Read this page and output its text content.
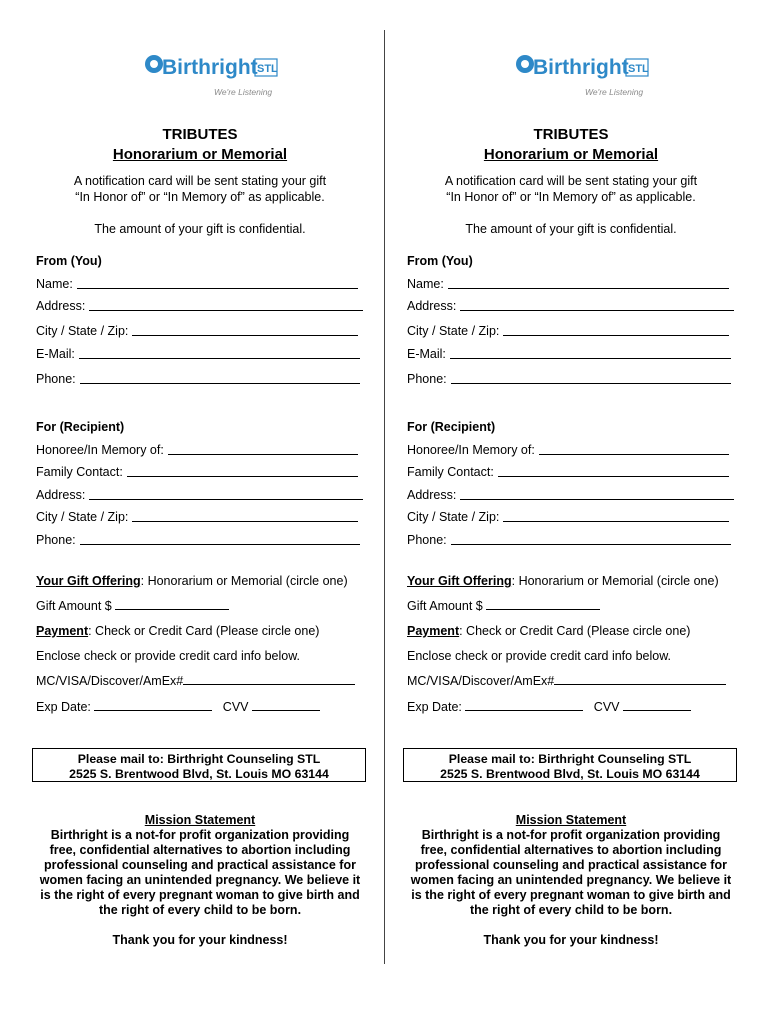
Birthright STL
We're Listening
TRIBUTES
Honorarium or Memorial
A notification card will be sent stating your gift
“In Honor of” or “In Memory of” as applicable.
The amount of your gift is confidential.
From (You)
Name:
Address:
City / State / Zip:
E-Mail:
Phone:
For (Recipient)
Honoree/In Memory of:
Family Contact:
Address:
City / State / Zip:
Phone:
Your Gift Offering: Honorarium or Memorial (circle one)
Gift Amount $
Payment: Check or Credit Card (Please circle one)
Enclose check or provide credit card info below.
MC/VISA/Discover/AmEx#
Exp Date:	CVV
Please mail to: Birthright Counseling STL
2525 S. Brentwood Blvd, St. Louis MO 63144
Mission Statement
Birthright is a not-for profit organization providing
free, confidential alternatives to abortion including
professional counseling and practical assistance for
women facing an unintended pregnancy. We believe it
is the right of every pregnant woman to give birth and
the right of every child to be born.
Thank you for your kindness!
Birthright STL
We're Listening
TRIBUTES
Honorarium or Memorial
A notification card will be sent stating your gift
“In Honor of” or “In Memory of” as applicable.
The amount of your gift is confidential.
From (You)
Name:
Address:
City / State / Zip:
E-Mail:
Phone:
For (Recipient)
Honoree/In Memory of:
Family Contact:
Address:
City / State / Zip:
Phone:
Your Gift Offering: Honorarium or Memorial (circle one)
Gift Amount $
Payment: Check or Credit Card (Please circle one)
Enclose check or provide credit card info below.
MC/VISA/Discover/AmEx#
Exp Date:	CVV
Please mail to: Birthright Counseling STL
2525 S. Brentwood Blvd, St. Louis MO 63144
Mission Statement
Birthright is a not-for profit organization providing
free, confidential alternatives to abortion including
professional counseling and practical assistance for
women facing an unintended pregnancy. We believe it
is the right of every pregnant woman to give birth and
the right of every child to be born.
Thank you for your kindness!
